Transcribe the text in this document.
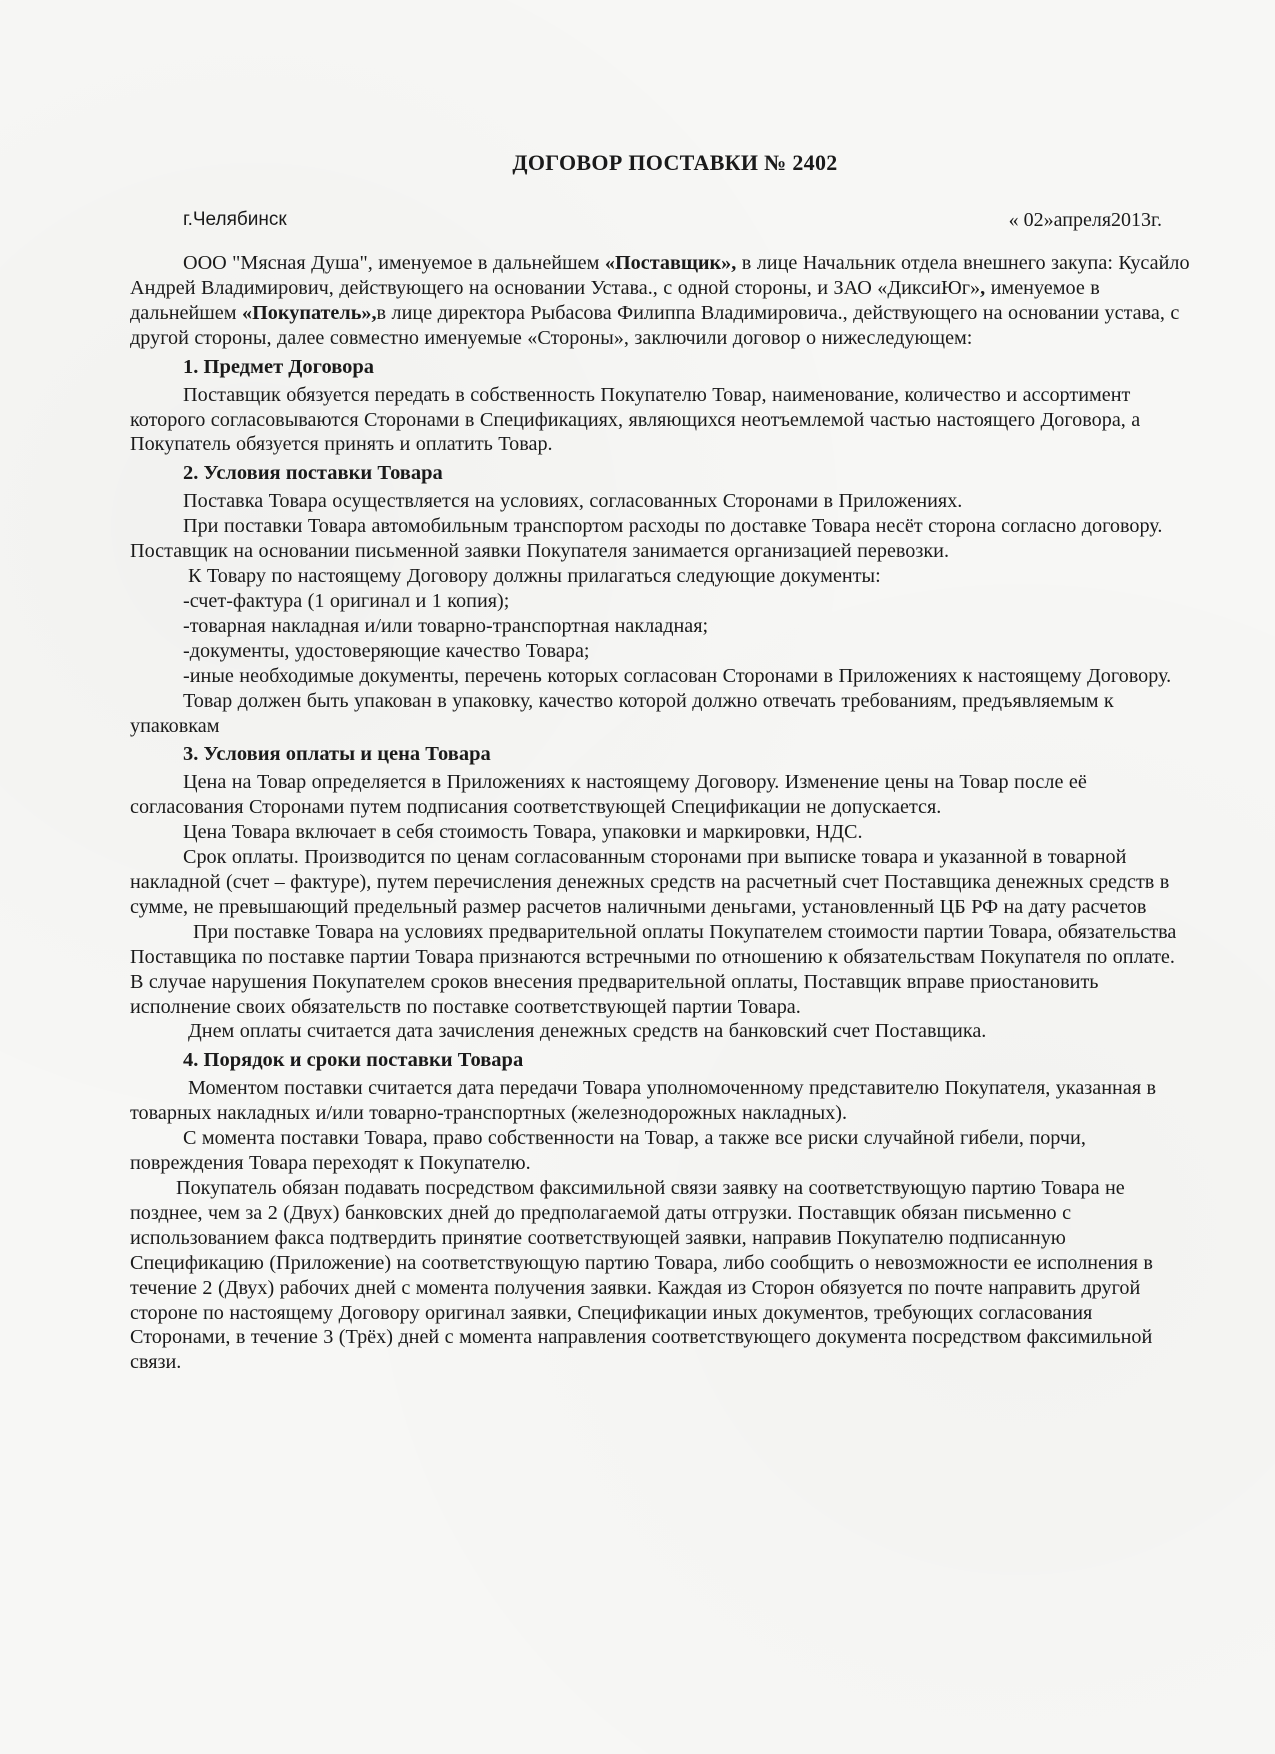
ДОГОВОР ПОСТАВКИ № 2402
г.Челябинск	« 02»апреля2013г.

ООО "Мясная Душа", именуемое в дальнейшем «Поставщик», в лице Начальник отдела внешнего закупа: Кусайло Андрей Владимирович, действующего на основании Устава., с одной стороны, и ЗАО «ДиксиЮг», именуемое в дальнейшем «Покупатель»,в лице директора Рыбасова Филиппа Владимировича., действующего на основании устава, с другой стороны, далее совместно именуемые «Стороны», заключили договор о нижеследующем:

1. Предмет Договора

Поставщик обязуется передать в собственность Покупателю Товар, наименование, количество и ассортимент которого согласовываются Сторонами в Спецификациях, являющихся неотъемлемой частью настоящего Договора, а Покупатель обязуется принять и оплатить Товар.

2. Условия поставки Товара

Поставка Товара осуществляется на условиях, согласованных Сторонами в Приложениях.

При поставки Товара автомобильным транспортом расходы по доставке Товара несёт сторона согласно договору. Поставщик на основании письменной заявки Покупателя занимается организацией перевозки.

К Товару по настоящему Договору должны прилагаться следующие документы:

-счет-фактура (1 оригинал и 1 копия);

-товарная накладная и/или товарно-транспортная накладная;

-документы, удостоверяющие качество Товара;

-иные необходимые документы, перечень которых согласован Сторонами в Приложениях к настоящему Договору.

Товар должен быть упакован в упаковку, качество которой должно отвечать требованиям, предъявляемым к упаковкам

3. Условия оплаты и цена Товара

Цена на Товар определяется в Приложениях к настоящему Договору. Изменение цены на Товар после её согласования Сторонами путем подписания соответствующей Спецификации не допускается.

Цена Товара включает в себя стоимость Товара, упаковки и маркировки, НДС.

Срок оплаты. Производится по ценам согласованным сторонами при выписке товара и указанной в товарной накладной (счет – фактуре), путем перечисления денежных средств на расчетный счет Поставщика денежных средств в сумме, не превышающий предельный размер расчетов наличными деньгами, установленный ЦБ РФ на дату расчетов

При поставке Товара на условиях предварительной оплаты Покупателем стоимости партии Товара, обязательства Поставщика по поставке партии Товара признаются встречными по отношению к обязательствам Покупателя по оплате. В случае нарушения Покупателем сроков внесения предварительной оплаты, Поставщик вправе приостановить исполнение своих обязательств по поставке соответствующей партии Товара.

Днем оплаты считается дата зачисления денежных средств на банковский счет Поставщика.

4. Порядок и сроки поставки Товара

Моментом поставки считается дата передачи Товара уполномоченному представителю Покупателя, указанная в товарных накладных и/или товарно-транспортных (железнодорожных накладных).

С момента поставки Товара, право собственности на Товар, а также все риски случайной гибели, порчи, повреждения Товара переходят к Покупателю.

Покупатель обязан подавать посредством факсимильной связи заявку на соответствующую партию Товара не позднее, чем за 2 (Двух) банковских дней до предполагаемой даты отгрузки. Поставщик обязан письменно с использованием факса подтвердить принятие соответствующей заявки, направив Покупателю подписанную Спецификацию (Приложение) на соответствующую партию Товара, либо сообщить о невозможности ее исполнения в течение 2 (Двух) рабочих дней с момента получения заявки. Каждая из Сторон обязуется по почте направить другой стороне по настоящему Договору оригинал заявки, Спецификации иных документов, требующих согласования Сторонами, в течение 3 (Трёх) дней с момента направления соответствующего документа посредством факсимильной связи.
